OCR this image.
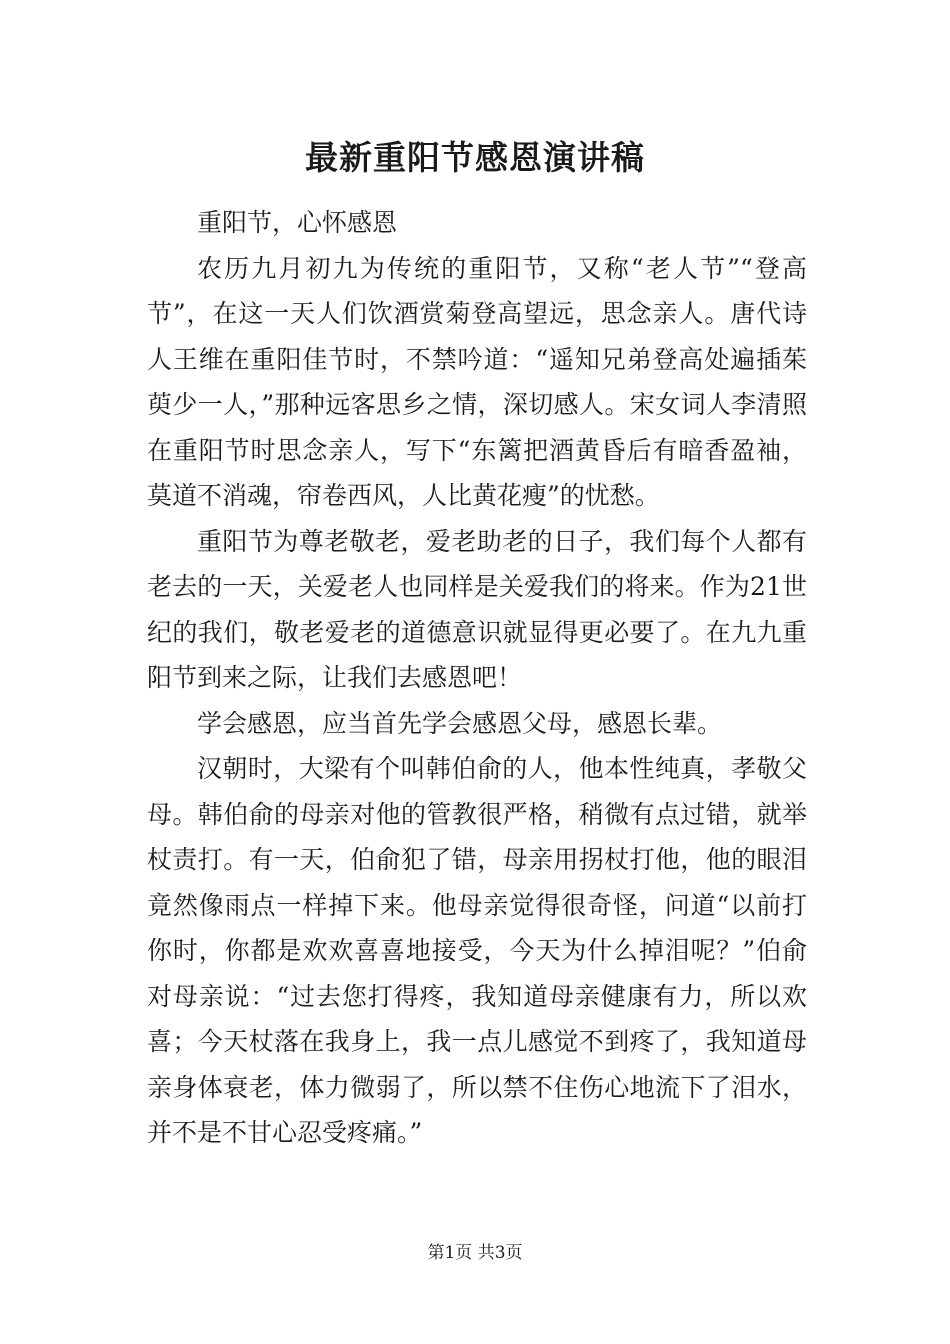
最新重阳节感恩演讲稿

重阳节，心怀感恩

农历九月初九为传统的重阳节，又称“老人节”“登高节”，在这一天人们饮酒赏菊登高望远，思念亲人。唐代诗人王维在重阳佳节时，不禁吟道：“遥知兄弟登高处遍插茱萸少一人，”那种远客思乡之情，深切感人。宋女词人李清照在重阳节时思念亲人，写下“东篱把酒黄昏后有暗香盈袖，莫道不消魂，帘卷西风，人比黄花瘦”的忧愁。

重阳节为尊老敬老，爱老助老的日子，我们每个人都有老去的一天，关爱老人也同样是关爱我们的将来。作为21世纪的我们，敬老爱老的道德意识就显得更必要了。在九九重阳节到来之际，让我们去感恩吧！

学会感恩，应当首先学会感恩父母，感恩长辈。

汉朝时，大梁有个叫韩伯俞的人，他本性纯真，孝敬父母。韩伯俞的母亲对他的管教很严格，稍微有点过错，就举杖责打。有一天，伯俞犯了错，母亲用拐杖打他，他的眼泪竟然像雨点一样掉下来。他母亲觉得很奇怪，问道“以前打你时，你都是欢欢喜喜地接受，今天为什么掉泪呢？”伯俞对母亲说：“过去您打得疼，我知道母亲健康有力，所以欢喜；今天杖落在我身上，我一点儿感觉不到疼了，我知道母亲身体衰老，体力微弱了，所以禁不住伤心地流下了泪水，并不是不甘心忍受疼痛。”

第1页 共3页
